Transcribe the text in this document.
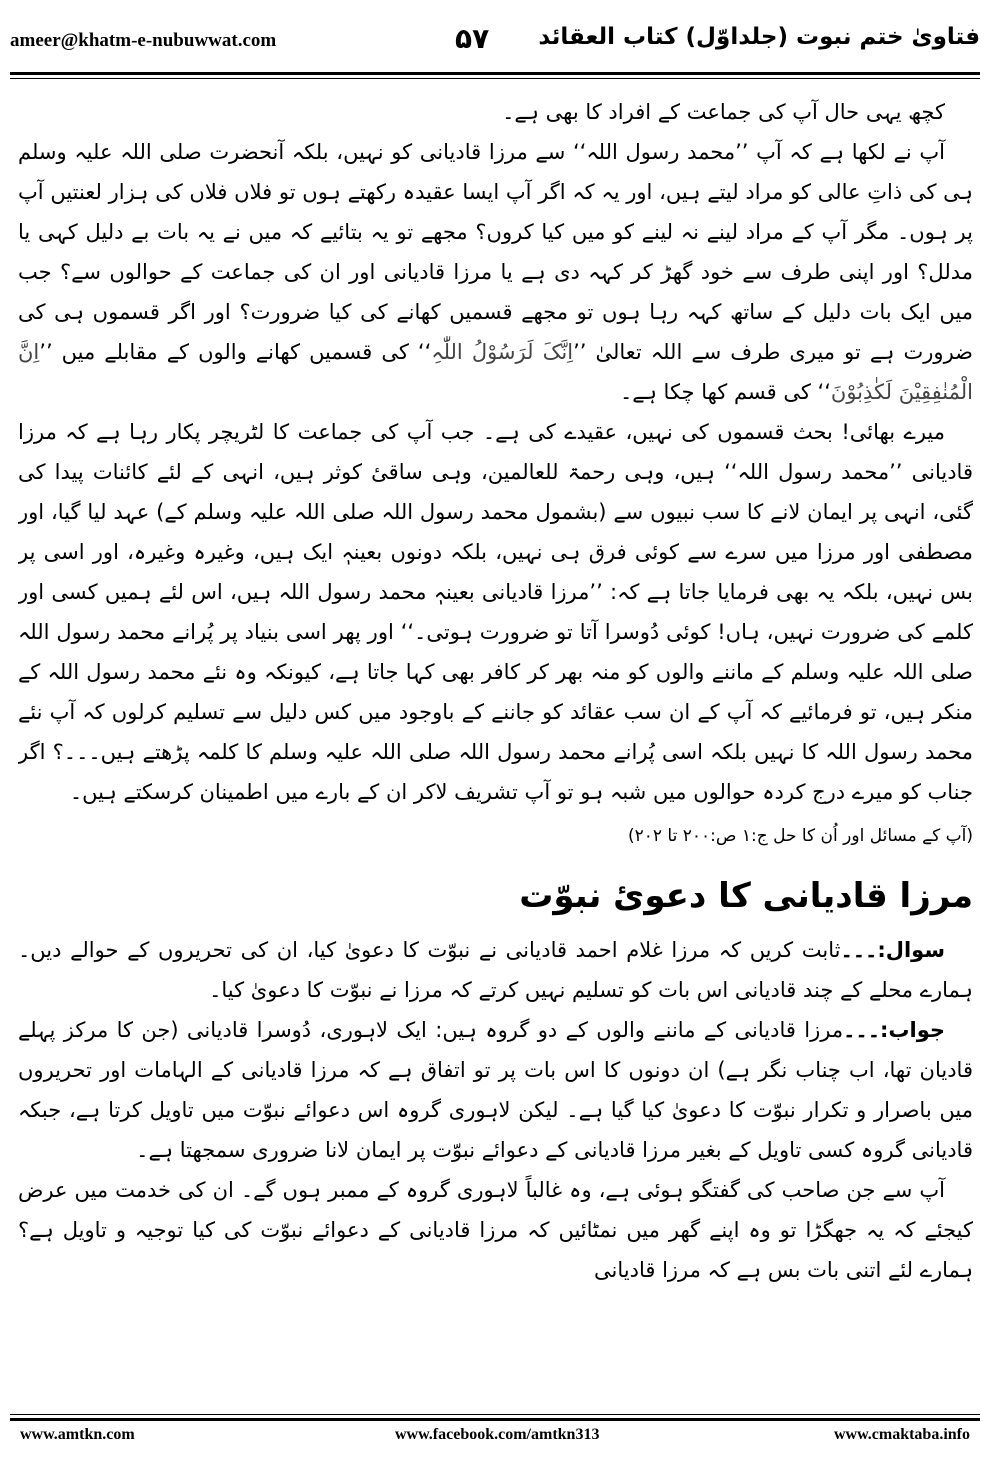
ameer@khatm-e-nubuwwat.com	۵۷ فتاویٰ ختم نبوت (جلداوّل) کتاب العقائد

کچھ یہی حال آپ کی جماعت کے افراد کا بھی ہے۔

آپ نے لکھا ہے کہ آپ ’’محمد رسول اللہ‘‘ سے مرزا قادیانی کو نہیں، بلکہ آنحضرت صلی اللہ علیہ وسلم ہی کی ذاتِ عالی کو مراد لیتے ہیں، اور یہ کہ اگر آپ ایسا عقیدہ رکھتے ہوں تو فلاں فلاں کی ہزار لعنتیں آپ پر ہوں۔ مگر آپ کے مراد لینے نہ لینے کو میں کیا کروں؟ مجھے تو یہ بتائیے کہ میں نے یہ بات بے دلیل کہی یا مدلل؟ اور اپنی طرف سے خود گھڑ کر کہہ دی ہے یا مرزا قادیانی اور ان کی جماعت کے حوالوں سے؟ جب میں ایک بات دلیل کے ساتھ کہہ رہا ہوں تو مجھے قسمیں کھانے کی کیا ضرورت؟ اور اگر قسموں ہی کی ضرورت ہے تو میری طرف سے اللہ تعالیٰ ’’اِنَّکَ لَرَسُوْلُ اللّٰہِ‘‘ کی قسمیں کھانے والوں کے مقابلے میں ’’اِنَّ الْمُنٰفِقِیْنَ لَکٰذِبُوْنَ‘‘ کی قسم کھا چکا ہے۔

میرے بھائی! بحث قسموں کی نہیں، عقیدے کی ہے۔ جب آپ کی جماعت کا لٹریچر پکار رہا ہے کہ مرزا قادیانی ’’محمد رسول اللہ‘‘ ہیں، وہی رحمۃ للعالمین، وہی ساقیٔ کوثر ہیں، انہی کے لئے کائنات پیدا کی گئی، انہی پر ایمان لانے کا سب نبیوں سے (بشمول محمد رسول اللہ صلی اللہ علیہ وسلم کے) عہد لیا گیا، اور مصطفی اور مرزا میں سرے سے کوئی فرق ہی نہیں، بلکہ دونوں بعینہٖ ایک ہیں، وغیرہ وغیرہ، اور اسی پر بس نہیں، بلکہ یہ بھی فرمایا جاتا ہے کہ: ’’مرزا قادیانی بعینہٖ محمد رسول اللہ ہیں، اس لئے ہمیں کسی اور کلمے کی ضرورت نہیں، ہاں! کوئی دُوسرا آتا تو ضرورت ہوتی۔‘‘ اور پھر اسی بنیاد پر پُرانے محمد رسول اللہ صلی اللہ علیہ وسلم کے ماننے والوں کو منہ بھر کر کافر بھی کہا جاتا ہے، کیونکہ وہ نئے محمد رسول اللہ کے منکر ہیں، تو فرمائیے کہ آپ کے ان سب عقائد کو جاننے کے باوجود میں کس دلیل سے تسلیم کرلوں کہ آپ نئے محمد رسول اللہ کا نہیں بلکہ اسی پُرانے محمد رسول اللہ صلی اللہ علیہ وسلم کا کلمہ پڑھتے ہیں۔۔۔؟ اگر جناب کو میرے درج کردہ حوالوں میں شبہ ہو تو آپ تشریف لاکر ان کے بارے میں اطمینان کرسکتے ہیں۔

(آپ کے مسائل اور اُن کا حل ج:۱ ص:۲۰۰ تا ۲۰۲)

مرزا قادیانی کا دعویٔ نبوّت

سوال:۔۔۔ثابت کریں کہ مرزا غلام احمد قادیانی نے نبوّت کا دعویٰ کیا، ان کی تحریروں کے حوالے دیں۔ ہمارے محلے کے چند قادیانی اس بات کو تسلیم نہیں کرتے کہ مرزا نے نبوّت کا دعویٰ کیا۔

جواب:۔۔۔مرزا قادیانی کے ماننے والوں کے دو گروہ ہیں: ایک لاہوری، دُوسرا قادیانی (جن کا مرکز پہلے قادیان تھا، اب چناب نگر ہے) ان دونوں کا اس بات پر تو اتفاق ہے کہ مرزا قادیانی کے الہامات اور تحریروں میں باصرار و تکرار نبوّت کا دعویٰ کیا گیا ہے۔ لیکن لاہوری گروہ اس دعوائے نبوّت میں تاویل کرتا ہے، جبکہ قادیانی گروہ کسی تاویل کے بغیر مرزا قادیانی کے دعوائے نبوّت پر ایمان لانا ضروری سمجھتا ہے۔

آپ سے جن صاحب کی گفتگو ہوئی ہے، وہ غالباً لاہوری گروہ کے ممبر ہوں گے۔ ان کی خدمت میں عرض کیجئے کہ یہ جھگڑا تو وہ اپنے گھر میں نمٹائیں کہ مرزا قادیانی کے دعوائے نبوّت کی کیا توجیہ و تاویل ہے؟ ہمارے لئے اتنی بات بس ہے کہ مرزا قادیانی

www.amtkn.com	www.facebook.com/amtkn313	www.cmaktaba.info
